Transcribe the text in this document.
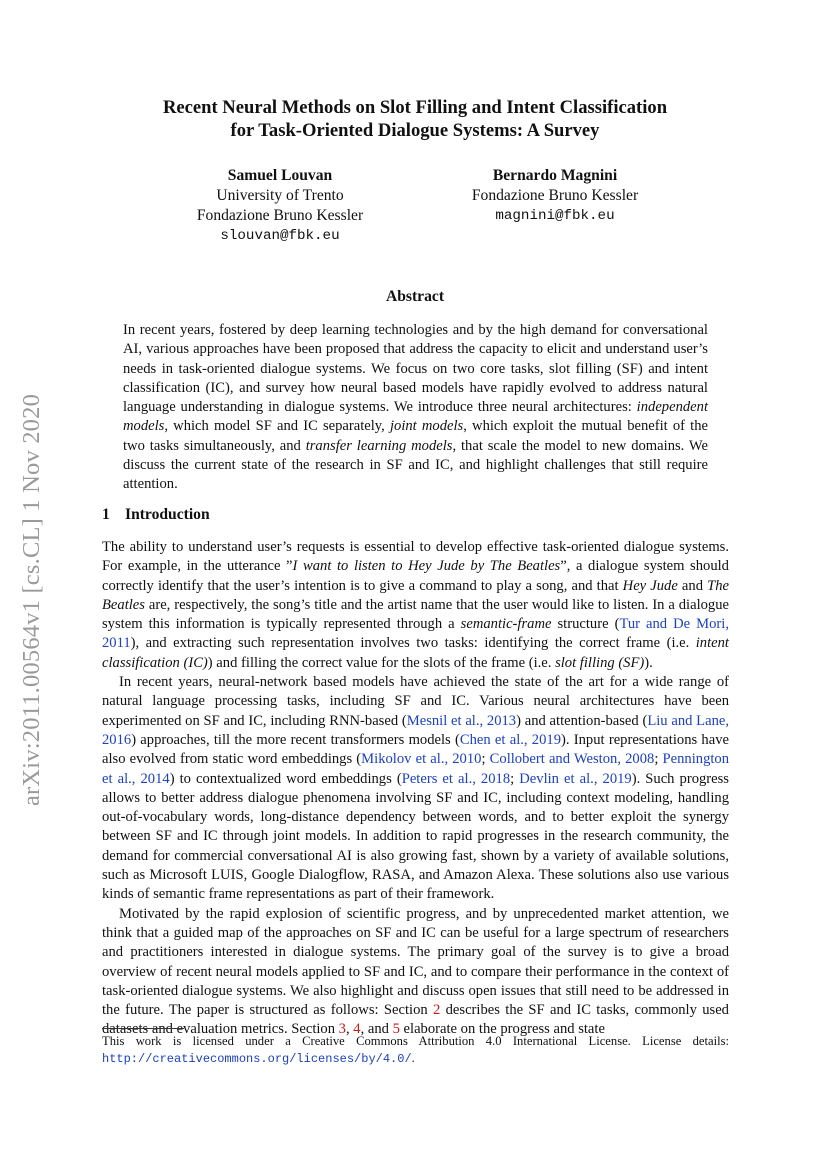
arXiv:2011.00564v1 [cs.CL] 1 Nov 2020
Recent Neural Methods on Slot Filling and Intent Classification
for Task-Oriented Dialogue Systems: A Survey
Samuel Louvan
University of Trento
Fondazione Bruno Kessler
slouvan@fbk.eu
Bernardo Magnini
Fondazione Bruno Kessler
magnini@fbk.eu
Abstract
In recent years, fostered by deep learning technologies and by the high demand for conversational AI, various approaches have been proposed that address the capacity to elicit and understand user’s needs in task-oriented dialogue systems. We focus on two core tasks, slot filling (SF) and intent classification (IC), and survey how neural based models have rapidly evolved to address natural language understanding in dialogue systems. We introduce three neural architectures: independent models, which model SF and IC separately, joint models, which exploit the mutual benefit of the two tasks simultaneously, and transfer learning models, that scale the model to new domains. We discuss the current state of the research in SF and IC, and highlight challenges that still require attention.
1 Introduction

The ability to understand user’s requests is essential to develop effective task-oriented dialogue systems. For example, in the utterance ”I want to listen to Hey Jude by The Beatles”, a dialogue system should correctly identify that the user’s intention is to give a command to play a song, and that Hey Jude and The Beatles are, respectively, the song’s title and the artist name that the user would like to listen. In a dialogue system this information is typically represented through a semantic-frame structure (Tur and De Mori, 2011), and extracting such representation involves two tasks: identifying the correct frame (i.e. intent classification (IC)) and filling the correct value for the slots of the frame (i.e. slot filling (SF)).

In recent years, neural-network based models have achieved the state of the art for a wide range of natural language processing tasks, including SF and IC. Various neural architectures have been experimented on SF and IC, including RNN-based (Mesnil et al., 2013) and attention-based (Liu and Lane, 2016) approaches, till the more recent transformers models (Chen et al., 2019). Input representations have also evolved from static word embeddings (Mikolov et al., 2010; Collobert and Weston, 2008; Pennington et al., 2014) to contextualized word embeddings (Peters et al., 2018; Devlin et al., 2019). Such progress allows to better address dialogue phenomena involving SF and IC, including context modeling, handling out-of-vocabulary words, long-distance dependency between words, and to better exploit the synergy between SF and IC through joint models. In addition to rapid progresses in the research community, the demand for commercial conversational AI is also growing fast, shown by a variety of available solutions, such as Microsoft LUIS, Google Dialogflow, RASA, and Amazon Alexa. These solutions also use various kinds of semantic frame representations as part of their framework.

Motivated by the rapid explosion of scientific progress, and by unprecedented market attention, we think that a guided map of the approaches on SF and IC can be useful for a large spectrum of researchers and practitioners interested in dialogue systems. The primary goal of the survey is to give a broad overview of recent neural models applied to SF and IC, and to compare their performance in the context of task-oriented dialogue systems. We also highlight and discuss open issues that still need to be addressed in the future. The paper is structured as follows: Section 2 describes the SF and IC tasks, commonly used datasets and evaluation metrics. Section 3, 4, and 5 elaborate on the progress and state

This work is licensed under a Creative Commons Attribution 4.0 International License. License details: http://creativecommons.org/licenses/by/4.0/.
